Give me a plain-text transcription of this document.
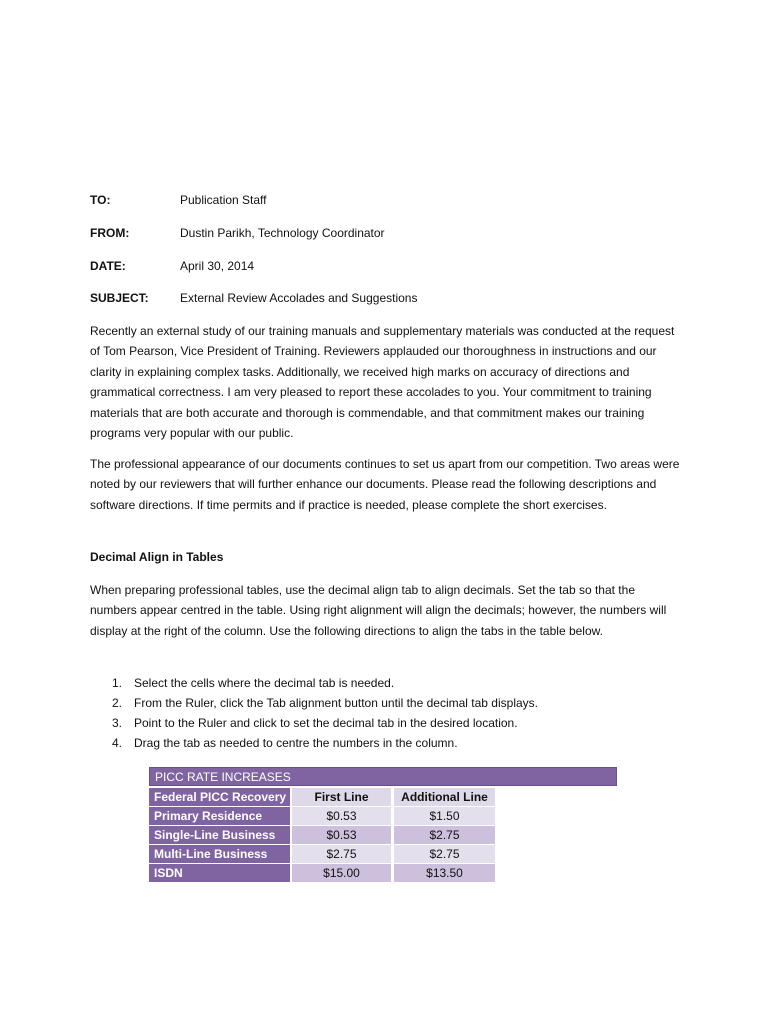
TO:	Publication Staff
FROM:	Dustin Parikh, Technology Coordinator
DATE:	April 30, 2014
SUBJECT:	External Review Accolades and Suggestions

Recently an external study of our training manuals and supplementary materials was conducted at the request of Tom Pearson, Vice President of Training. Reviewers applauded our thoroughness in instructions and our clarity in explaining complex tasks. Additionally, we received high marks on accuracy of directions and grammatical correctness. I am very pleased to report these accolades to you. Your commitment to training materials that are both accurate and thorough is commendable, and that commitment makes our training programs very popular with our public.

The professional appearance of our documents continues to set us apart from our competition. Two areas were noted by our reviewers that will further enhance our documents. Please read the following descriptions and software directions. If time permits and if practice is needed, please complete the short exercises.

Decimal Align in Tables

When preparing professional tables, use the decimal align tab to align decimals. Set the tab so that the numbers appear centred in the table. Using right alignment will align the decimals; however, the numbers will display at the right of the column. Use the following directions to align the tabs in the table below.

1. Select the cells where the decimal tab is needed.
2. From the Ruler, click the Tab alignment button until the decimal tab displays.
3. Point to the Ruler and click to set the decimal tab in the desired location.
4. Drag the tab as needed to centre the numbers in the column.
PICC RATE INCREASES
Federal PICC Recovery	First Line	Additional Line
Primary Residence	$0.53	$1.50
Single-Line Business	$0.53	$2.75
Multi-Line Business	$2.75	$2.75
ISDN	$15.00	$13.50
